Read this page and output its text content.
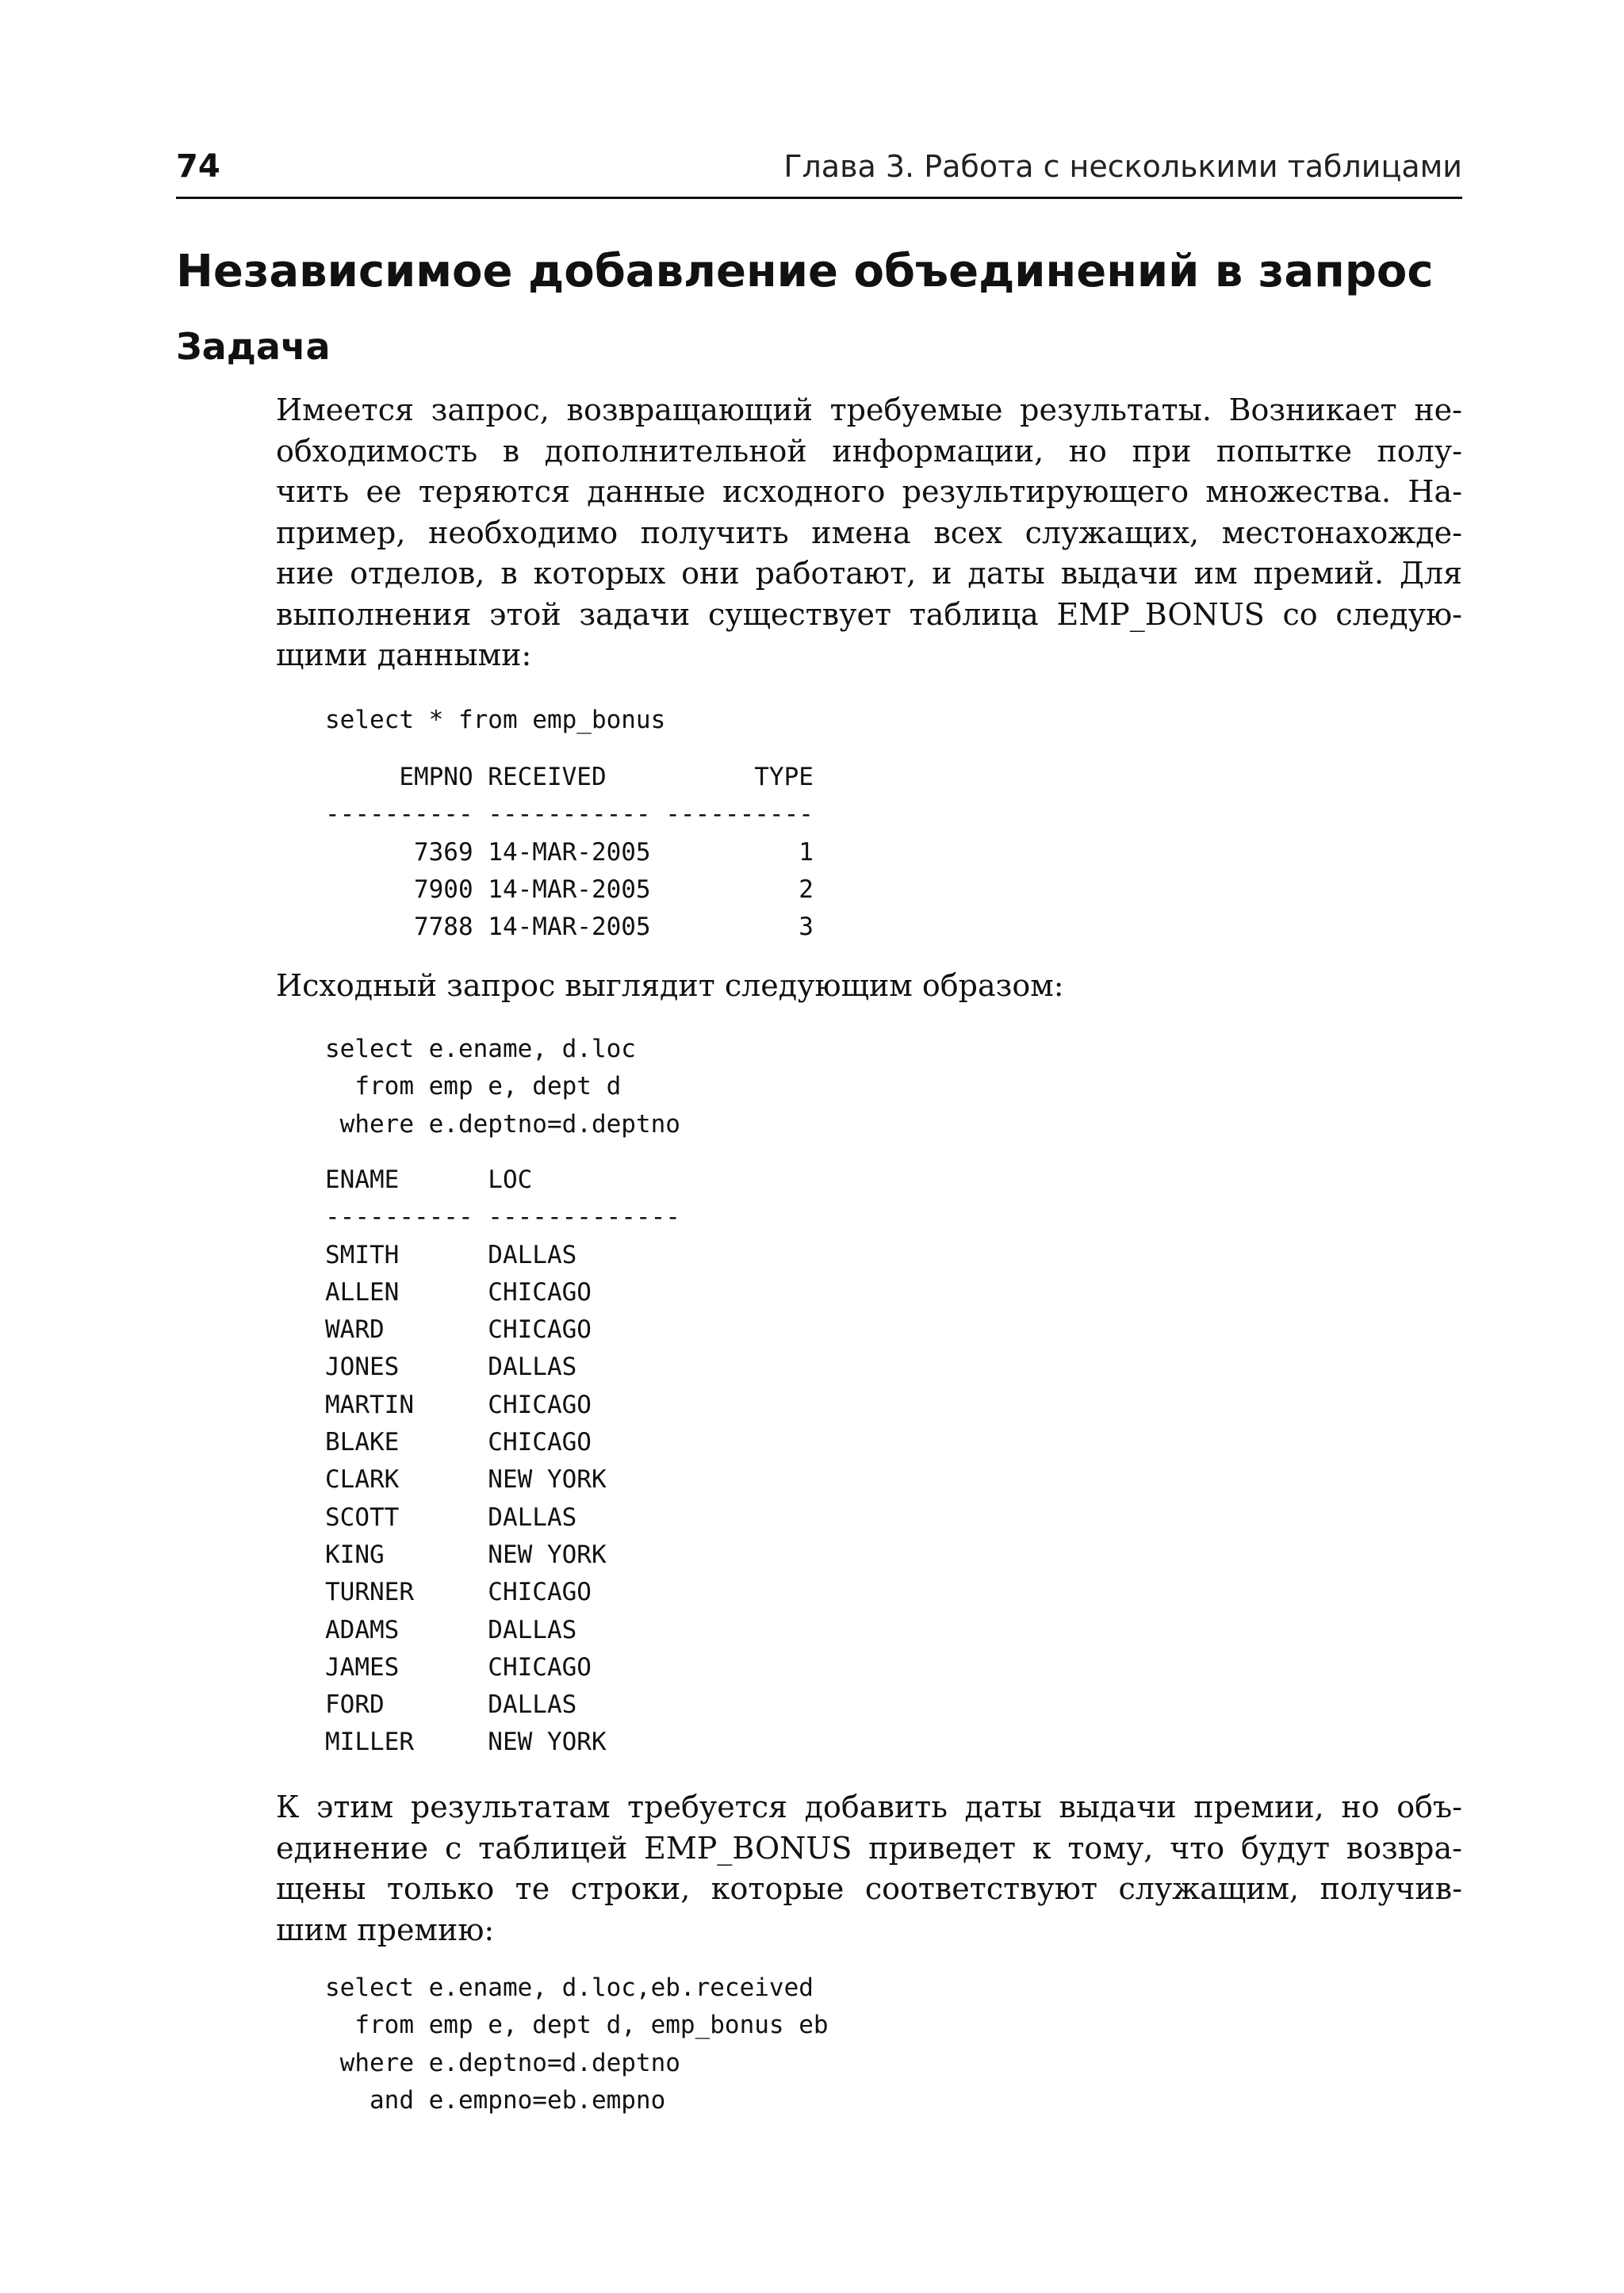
74	Глава 3. Работа с несколькими таблицами
Независимое добавление объединений в запрос
Задача

Имеется запрос, возвращающий требуемые результаты. Возникает не-
обходимость в дополнительной информации, но при попытке полу-
чить ее теряются данные исходного результирующего множества. На-
пример, необходимо получить имена всех служащих, местонахожде-
ние отделов, в которых они работают, и даты выдачи им премий. Для
выполнения этой задачи существует таблица EMP_BONUS со следую-
щими данными:

select * from emp_bonus
EMPNO RECEIVED          TYPE
---------- ----------- ----------
7369 14-MAR-2005          1
7900 14-MAR-2005          2
7788 14-MAR-2005          3

Исходный запрос выглядит следующим образом:

select e.ename, d.loc
from emp e, dept d
where e.deptno=d.deptno
ENAME      LOC
---------- -------------
SMITH      DALLAS
ALLEN      CHICAGO
WARD       CHICAGO
JONES      DALLAS
MARTIN     CHICAGO
BLAKE      CHICAGO
CLARK      NEW YORK
SCOTT      DALLAS
KING       NEW YORK
TURNER     CHICAGO
ADAMS      DALLAS
JAMES      CHICAGO
FORD       DALLAS
MILLER     NEW YORK

К этим результатам требуется добавить даты выдачи премии, но объ-
единение с таблицей EMP_BONUS приведет к тому, что будут возвра-
щены только те строки, которые соответствуют служащим, получив-
шим премию:

select e.ename, d.loc,eb.received
from emp e, dept d, emp_bonus eb
where e.deptno=d.deptno
and e.empno=eb.empno
